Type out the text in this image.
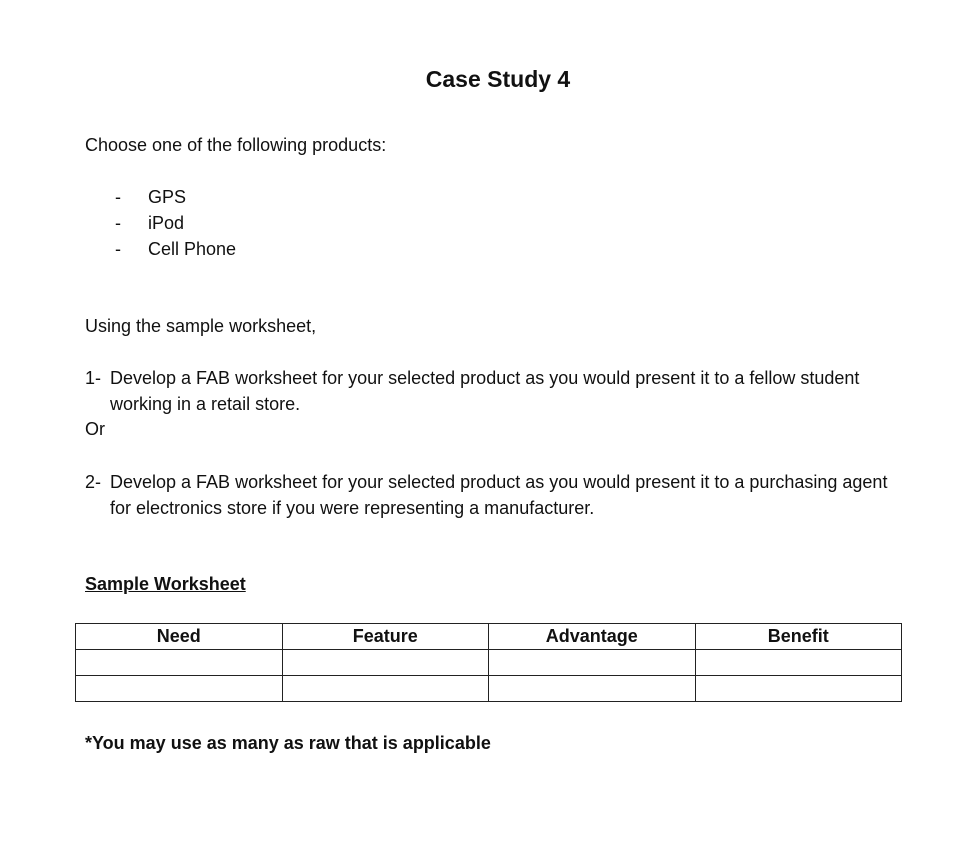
Case Study 4
Choose one of the following products:
-	GPS
-	iPod
-	Cell Phone
Using the sample worksheet,
1- Develop a FAB worksheet for your selected product as you would present it to a fellow student working in a retail store.
Or
2- Develop a FAB worksheet for your selected product as you would present it to a purchasing agent for electronics store if you were representing a manufacturer.
Sample Worksheet
Need	Feature	Advantage	Benefit

*You may use as many as raw that is applicable
